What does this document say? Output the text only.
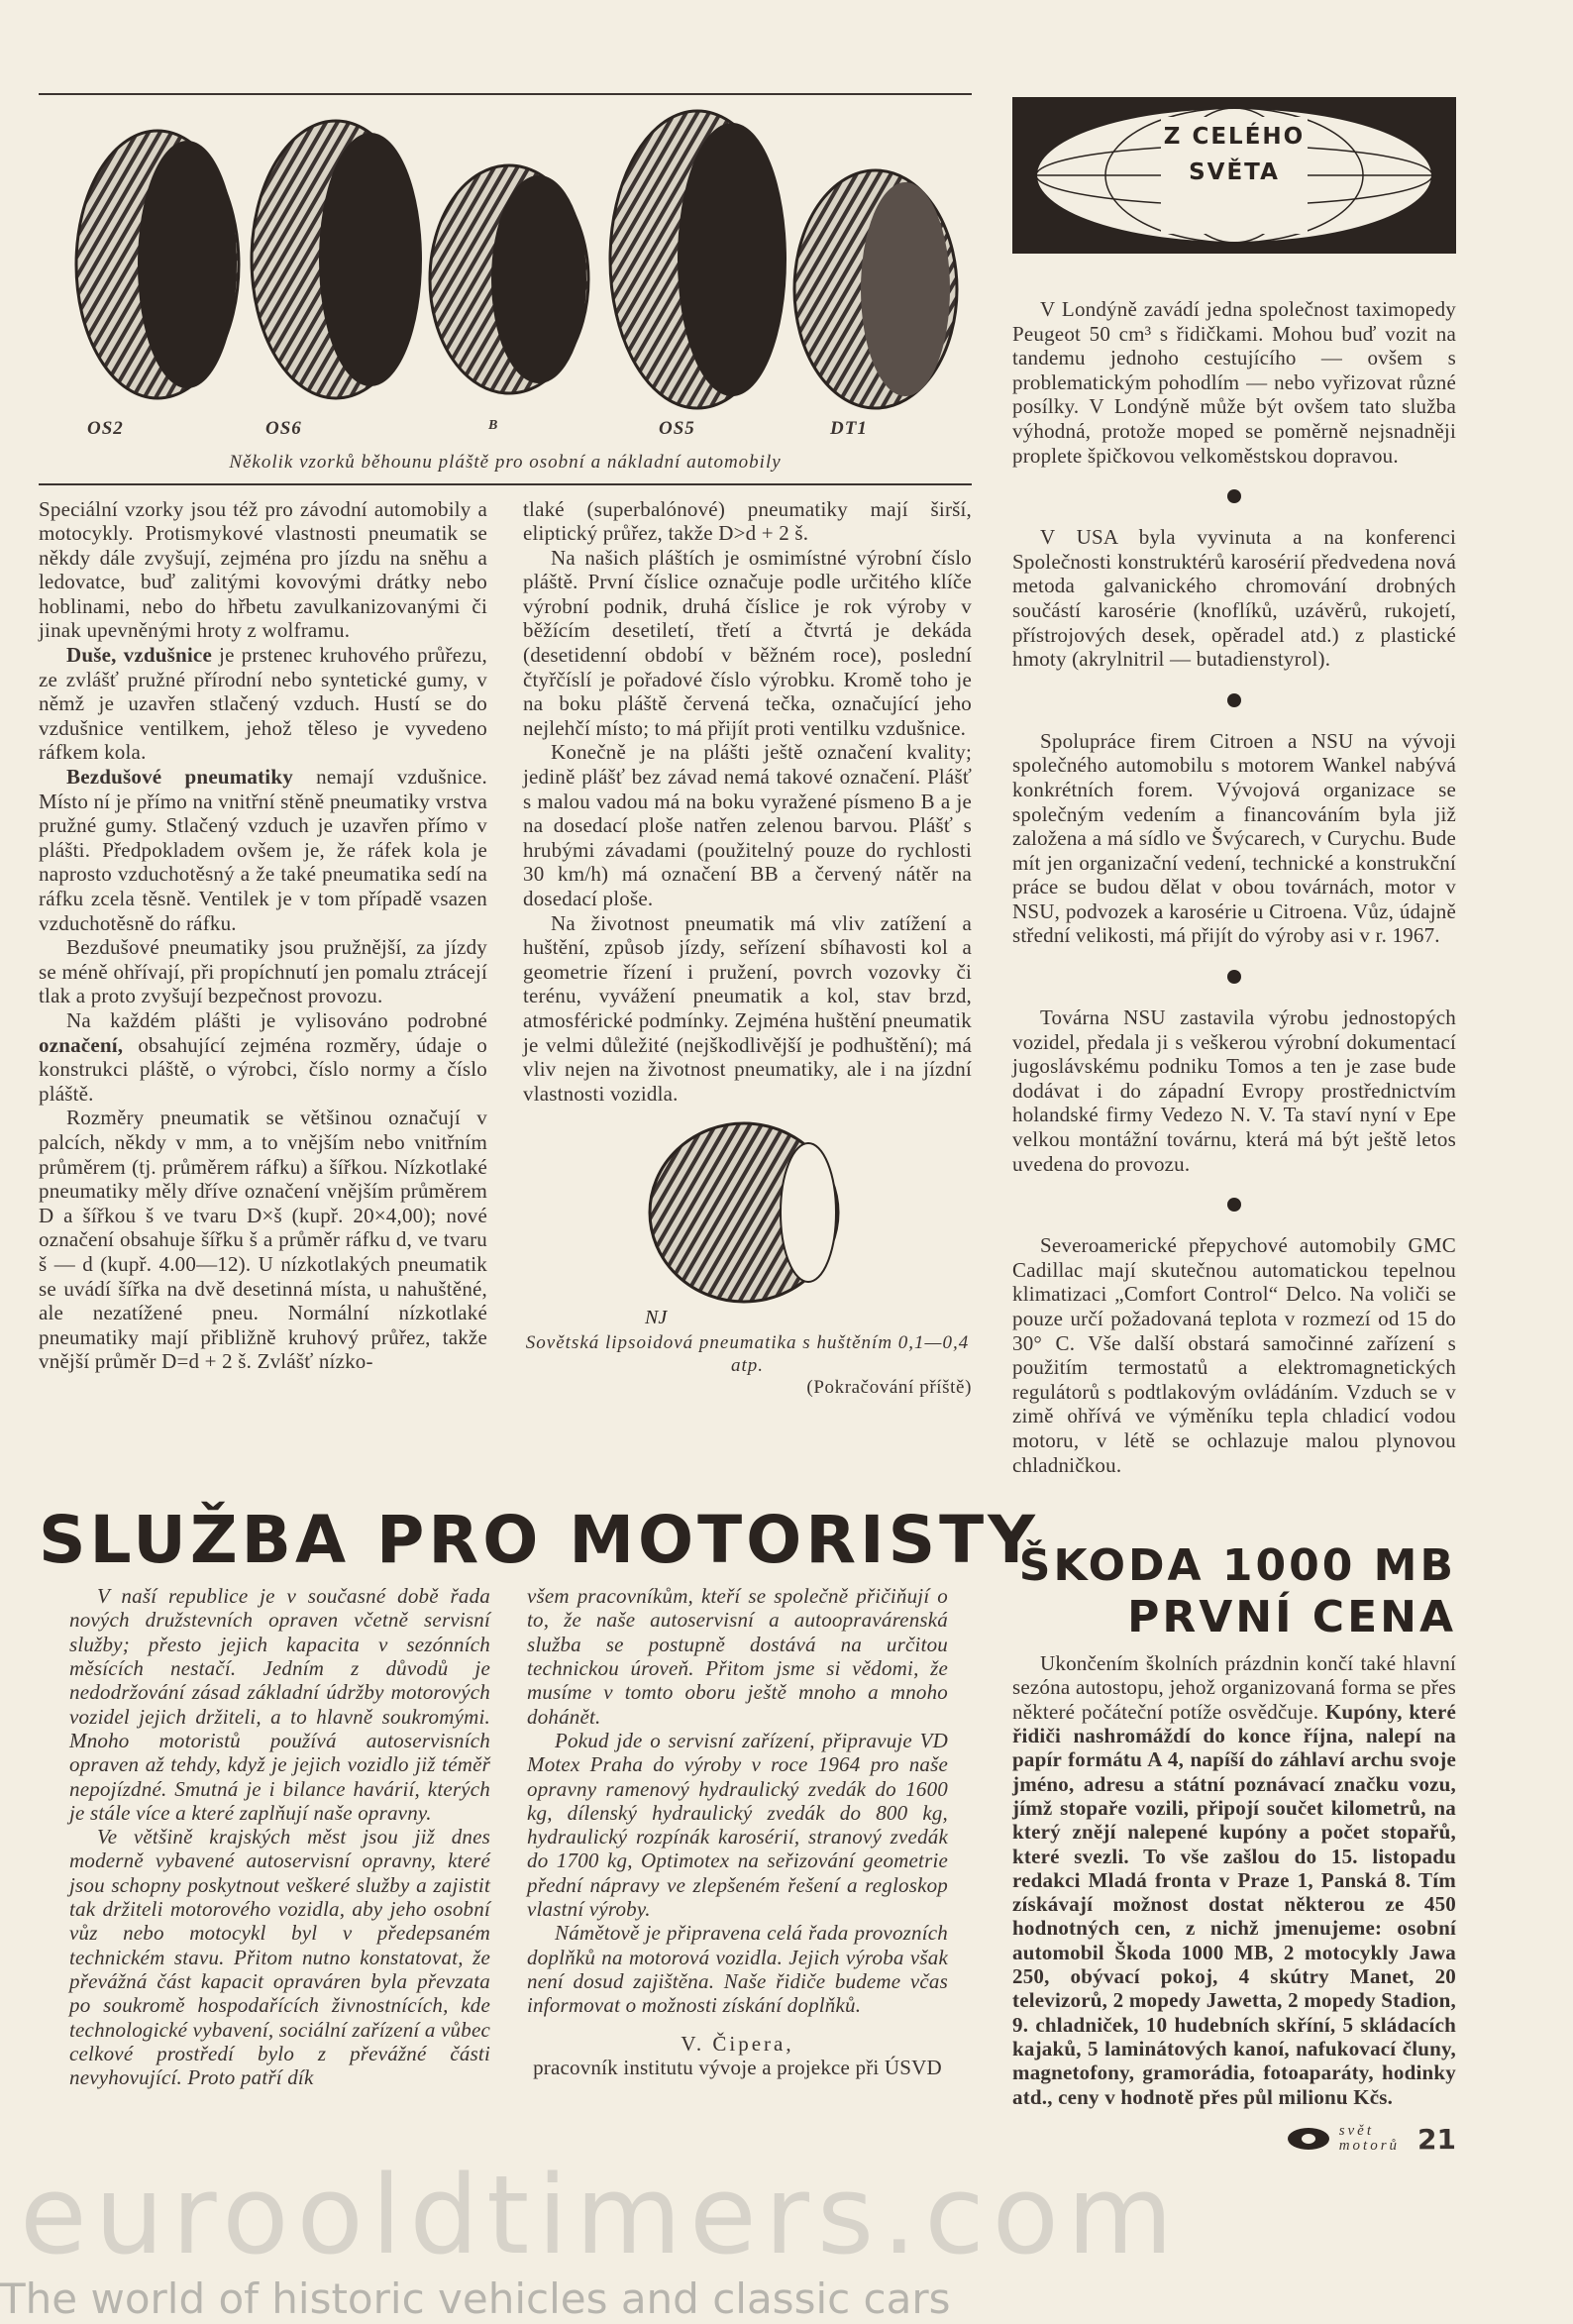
OS2	OS6	B	OS5	DT1
Několik vzorků běhounu pláště pro osobní a nákladní automobily

Speciální vzorky jsou též pro závodní automobily a motocykly. Protismykové vlastnosti pneumatik se někdy dále zvyšují, zejména pro jízdu na sněhu a ledovatce, buď zalitými kovovými drátky nebo hoblinami, nebo do hřbetu zavulkanizovanými či jinak upevněnými hroty z wolframu.

Duše, vzdušnice je prstenec kruhového průřezu, ze zvlášť pružné přírodní nebo syntetické gumy, v němž je uzavřen stlačený vzduch. Hustí se do vzdušnice ventilkem, jehož těleso je vyvedeno ráfkem kola.

Bezdušové pneumatiky nemají vzdušnice. Místo ní je přímo na vnitřní stěně pneumatiky vrstva pružné gumy. Stlačený vzduch je uzavřen přímo v plášti. Předpokladem ovšem je, že ráfek kola je naprosto vzduchotěsný a že také pneumatika sedí na ráfku zcela těsně. Ventilek je v tom případě vsazen vzduchotěsně do ráfku.

Bezdušové pneumatiky jsou pružnější, za jízdy se méně ohřívají, při propíchnutí jen pomalu ztrácejí tlak a proto zvyšují bezpečnost provozu.

Na každém plášti je vylisováno podrobné označení, obsahující zejména rozměry, údaje o konstrukci pláště, o výrobci, číslo normy a číslo pláště.

Rozměry pneumatik se většinou označují v palcích, někdy v mm, a to vnějším nebo vnitřním průměrem (tj. průměrem ráfku) a šířkou. Nízkotlaké pneumatiky měly dříve označení vnějším průměrem D a šířkou š ve tvaru D×š (kupř. 20×4,00); nové označení obsahuje šířku š a průměr ráfku d, ve tvaru š — d (kupř. 4.00—12). U nízkotlakých pneumatik se uvádí šířka na dvě desetinná místa, u nahuštěné, ale nezatížené pneu. Normální nízkotlaké pneumatiky mají přibližně kruhový průřez, takže vnější průměr D=d + 2 š. Zvlášť nízko-

tlaké (superbalónové) pneumatiky mají širší, eliptický průřez, takže D>d + 2 š.

Na našich pláštích je osmimístné výrobní číslo pláště. První číslice označuje podle určitého klíče výrobní podnik, druhá číslice je rok výroby v běžícím desetiletí, třetí a čtvrtá je dekáda (desetidenní období v běžném roce), poslední čtyřčíslí je pořadové číslo výrobku. Kromě toho je na boku pláště červená tečka, označující jeho nejlehčí místo; to má přijít proti ventilku vzdušnice.

Konečně je na plášti ještě označení kvality; jedině plášť bez závad nemá takové označení. Plášť s malou vadou má na boku vyražené písmeno B a je na dosedací ploše natřen zelenou barvou. Plášť s hrubými závadami (použitelný pouze do rychlosti 30 km/h) má označení BB a červený nátěr na dosedací ploše.

Na životnost pneumatik má vliv zatížení a huštění, způsob jízdy, seřízení sbíhavosti kol a geometrie řízení i pružení, povrch vozovky či terénu, vyvážení pneumatik a kol, stav brzd, atmosférické podmínky. Zejména huštění pneumatik je velmi důležité (nejškodlivější je podhuštění); má vliv nejen na životnost pneumatiky, ale i na jízdní vlastnosti vozidla.

NJ
Sovětská lipsoidová pneumatika s huštěním 0,1—0,4 atp.
(Pokračování příště)
Z CELÉHO SVĚTA

V Londýně zavádí jedna společnost taximopedy Peugeot 50 cm³ s řidičkami. Mohou buď vozit na tandemu jednoho cestujícího — ovšem s problematickým pohodlím — nebo vyřizovat různé posílky. V Londýně může být ovšem tato služba výhodná, protože moped se poměrně nejsnadněji proplete špičkovou velkoměstskou dopravou.

V USA byla vyvinuta a na konferenci Společnosti konstruktérů karosérií předvedena nová metoda galvanického chromování drobných součástí karosérie (knoflíků, uzávěrů, rukojetí, přístrojových desek, opěradel atd.) z plastické hmoty (akrylnitril — butadienstyrol).

Spolupráce firem Citroen a NSU na vývoji společného automobilu s motorem Wankel nabývá konkrétních forem. Vývojová organizace se společným vedením a financováním byla již založena a má sídlo ve Švýcarech, v Curychu. Bude mít jen organizační vedení, technické a konstrukční práce se budou dělat v obou továrnách, motor v NSU, podvozek a karosérie u Citroena. Vůz, údajně střední velikosti, má přijít do výroby asi v r. 1967.

Továrna NSU zastavila výrobu jednostopých vozidel, předala ji s veškerou výrobní dokumentací jugoslávskému podniku Tomos a ten je zase bude dodávat i do západní Evropy prostřednictvím holandské firmy Vedezo N. V. Ta staví nyní v Epe velkou montážní továrnu, která má být ještě letos uvedena do provozu.

Severoamerické přepychové automobily GMC Cadillac mají skutečnou automatickou tepelnou klimatizaci „Comfort Control“ Delco. Na voliči se pouze určí požadovaná teplota v rozmezí od 15 do 30° C. Vše další obstará samočinné zařízení s použitím termostatů a elektromagnetických regulátorů s podtlakovým ovládáním. Vzduch se v zimě ohřívá ve výměníku tepla chladicí vodou motoru, v létě se ochlazuje malou plynovou chladničkou.

SLUŽBA PRO MOTORISTY

V naší republice je v současné době řada nových družstevních opraven včetně servisní služby; přesto jejich kapacita v sezónních měsících nestačí. Jedním z důvodů je nedodržování zásad základní údržby motorových vozidel jejich držiteli, a to hlavně soukromými. Mnoho motoristů používá autoservisních opraven až tehdy, když je jejich vozidlo již téměř nepojízdné. Smutná je i bilance havárií, kterých je stále více a které zaplňují naše opravny.

Ve většině krajských měst jsou již dnes moderně vybavené autoservisní opravny, které jsou schopny poskytnout veškeré služby a zajistit tak držiteli motorového vozidla, aby jeho osobní vůz nebo motocykl byl v předepsaném technickém stavu. Přitom nutno konstatovat, že převážná část kapacit opraváren byla převzata po soukromě hospodařících živnostnících, kde technologické vybavení, sociální zařízení a vůbec celkové prostředí bylo z převážné části nevyhovující. Proto patří dík

všem pracovníkům, kteří se společně přičiňují o to, že naše autoservisní a autoopravárenská služba se postupně dostává na určitou technickou úroveň. Přitom jsme si vědomi, že musíme v tomto oboru ještě mnoho a mnoho dohánět.

Pokud jde o servisní zařízení, připravuje VD Motex Praha do výroby v roce 1964 pro naše opravny ramenový hydraulický zvedák do 1600 kg, dílenský hydraulický zvedák do 800 kg, hydraulický rozpínák karosérií, stranový zvedák do 1700 kg, Optimotex na seřizování geometrie přední nápravy ve zlepšeném řešení a regloskop vlastní výroby.

Námětově je připravena celá řada provozních doplňků na motorová vozidla. Jejich výroba však není dosud zajištěna. Naše řidiče budeme včas informovat o možnosti získání doplňků.

V. Čipera,
pracovník institutu vývoje a projekce při ÚSVD
ŠKODA 1000 MB
PRVNÍ CENA

Ukončením školních prázdnin končí také hlavní sezóna autostopu, jehož organizovaná forma se přes některé počáteční potíže osvědčuje. Kupóny, které řidiči nashromáždí do konce října, nalepí na papír formátu A 4, napíší do záhlaví archu svoje jméno, adresu a státní poznávací značku vozu, jímž stopaře vozili, připojí součet kilometrů, na který znějí nalepené kupóny a počet stopařů, které svezli. To vše zašlou do 15. listopadu redakci Mladá fronta v Praze 1, Panská 8. Tím získávají možnost dostat některou ze 450 hodnotných cen, z nichž jmenujeme: osobní automobil Škoda 1000 MB, 2 motocykly Jawa 250, obývací pokoj, 4 skútry Manet, 20 televizorů, 2 mopedy Jawetta, 2 mopedy Stadion, 9. chladniček, 10 hudebních skříní, 5 skládacích kajaků, 5 laminátových kanoí, nafukovací čluny, magnetofony, gramorádia, fotoaparáty, hodinky atd., ceny v hodnotě přes půl milionu Kčs.

svět
motorů 21
eurooldtimers.com
The world of historic vehicles and classic cars
